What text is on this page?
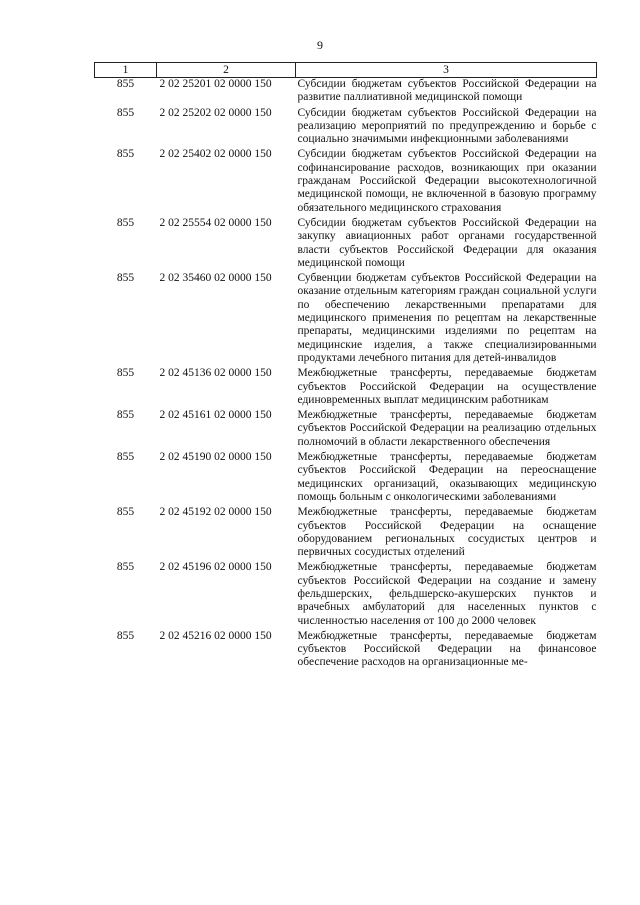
9
1	2	3
855	2 02 25201 02 0000 150	Субсидии бюджетам субъектов Российской Федерации на развитие паллиативной медицинской помощи
855	2 02 25202 02 0000 150	Субсидии бюджетам субъектов Российской Федерации на реализацию мероприятий по предупреждению и борьбе с социально значимыми инфекционными заболеваниями
855	2 02 25402 02 0000 150	Субсидии бюджетам субъектов Российской Федерации на софинансирование расходов, возникающих при оказании гражданам Российской Федерации высокотехнологичной медицинской помощи, не включенной в базовую программу обязательного медицинского страхования
855	2 02 25554 02 0000 150	Субсидии бюджетам субъектов Российской Федерации на закупку авиационных работ органами государственной власти субъектов Российской Федерации для оказания медицинской помощи
855	2 02 35460 02 0000 150	Субвенции бюджетам субъектов Российской Федерации на оказание отдельным категориям граждан социальной услуги по обеспечению лекарственными препаратами для медицинского применения по рецептам на лекарственные препараты, медицинскими изделиями по рецептам на медицинские изделия, а также специализированными продуктами лечебного питания для детей-инвалидов
855	2 02 45136 02 0000 150	Межбюджетные трансферты, передаваемые бюджетам субъектов Российской Федерации на осуществление единовременных выплат медицинским работникам
855	2 02 45161 02 0000 150	Межбюджетные трансферты, передаваемые бюджетам субъектов Российской Федерации на реализацию отдельных полномочий в области лекарственного обеспечения
855	2 02 45190 02 0000 150	Межбюджетные трансферты, передаваемые бюджетам субъектов Российской Федерации на переоснащение медицинских организаций, оказывающих медицинскую помощь больным с онкологическими заболеваниями
855	2 02 45192 02 0000 150	Межбюджетные трансферты, передаваемые бюджетам субъектов Российской Федерации на оснащение оборудованием региональных сосудистых центров и первичных сосудистых отделений
855	2 02 45196 02 0000 150	Межбюджетные трансферты, передаваемые бюджетам субъектов Российской Федерации на создание и замену фельдшерских, фельдшерско-акушерских пунктов и врачебных амбулаторий для населенных пунктов с численностью населения от 100 до 2000 человек
855	2 02 45216 02 0000 150	Межбюджетные трансферты, передаваемые бюджетам субъектов Российской Федерации на финансовое обеспечение расходов на организационные ме-
